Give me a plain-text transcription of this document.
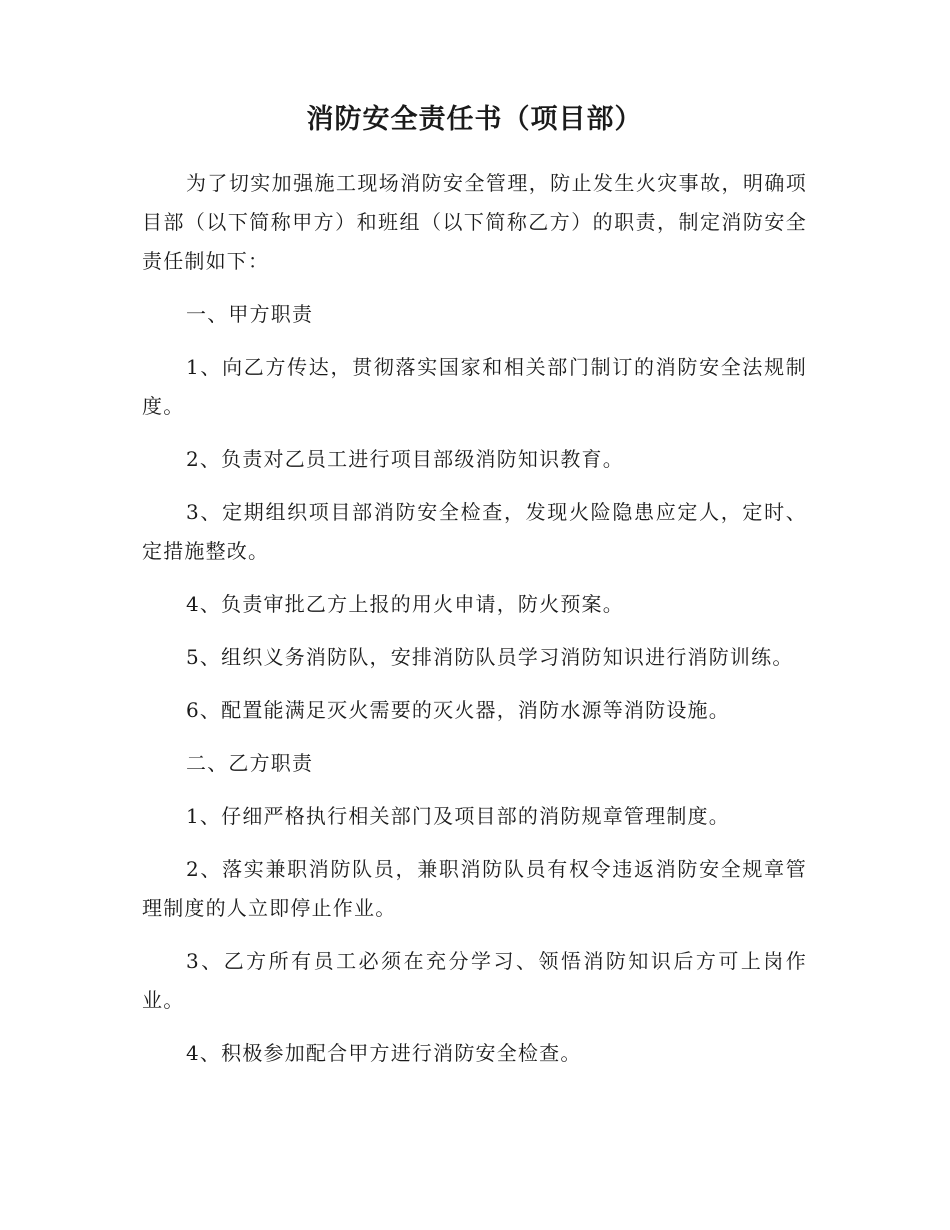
消防安全责任书（项目部）

为了切实加强施工现场消防安全管理，防止发生火灾事故，明确项目部（以下简称甲方）和班组（以下简称乙方）的职责，制定消防安全责任制如下：

一、甲方职责

1、向乙方传达，贯彻落实国家和相关部门制订的消防安全法规制度。

2、负责对乙员工进行项目部级消防知识教育。

3、定期组织项目部消防安全检查，发现火险隐患应定人，定时、定措施整改。

4、负责审批乙方上报的用火申请，防火预案。

5、组织义务消防队，安排消防队员学习消防知识进行消防训练。

6、配置能满足灭火需要的灭火器，消防水源等消防设施。

二、乙方职责

1、仔细严格执行相关部门及项目部的消防规章管理制度。

2、落实兼职消防队员，兼职消防队员有权令违返消防安全规章管理制度的人立即停止作业。

3、乙方所有员工必须在充分学习、领悟消防知识后方可上岗作业。

4、积极参加配合甲方进行消防安全检查。
